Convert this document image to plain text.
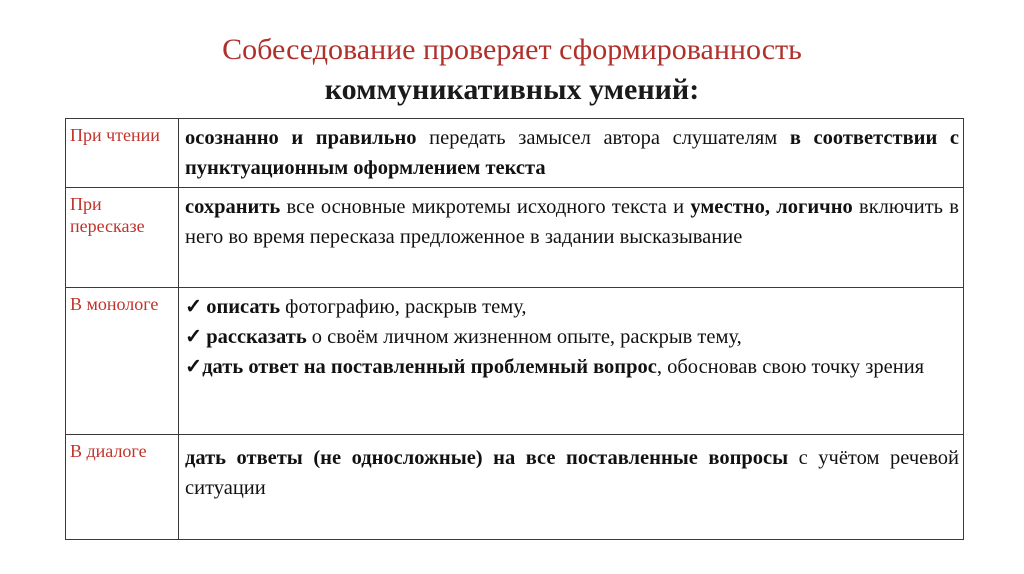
Собеседование проверяет сформированность
коммуникативных умений:
При чтении	осознанно и правильно передать замысел автора слушателям в соответствии с пунктуационным оформлением текста
При пересказе	сохранить все основные микротемы исходного текста и уместно, логично включить в него во время пересказа предложенное в задании высказывание
В монологе	✓ описать фотографию, раскрыв тему,
✓ рассказать о своём личном жизненном опыте, раскрыв тему,
✓дать ответ на поставленный проблемный вопрос, обосновав свою точку зрения

В диалоге	дать ответы (не односложные) на все поставленные вопросы с учётом речевой ситуации
